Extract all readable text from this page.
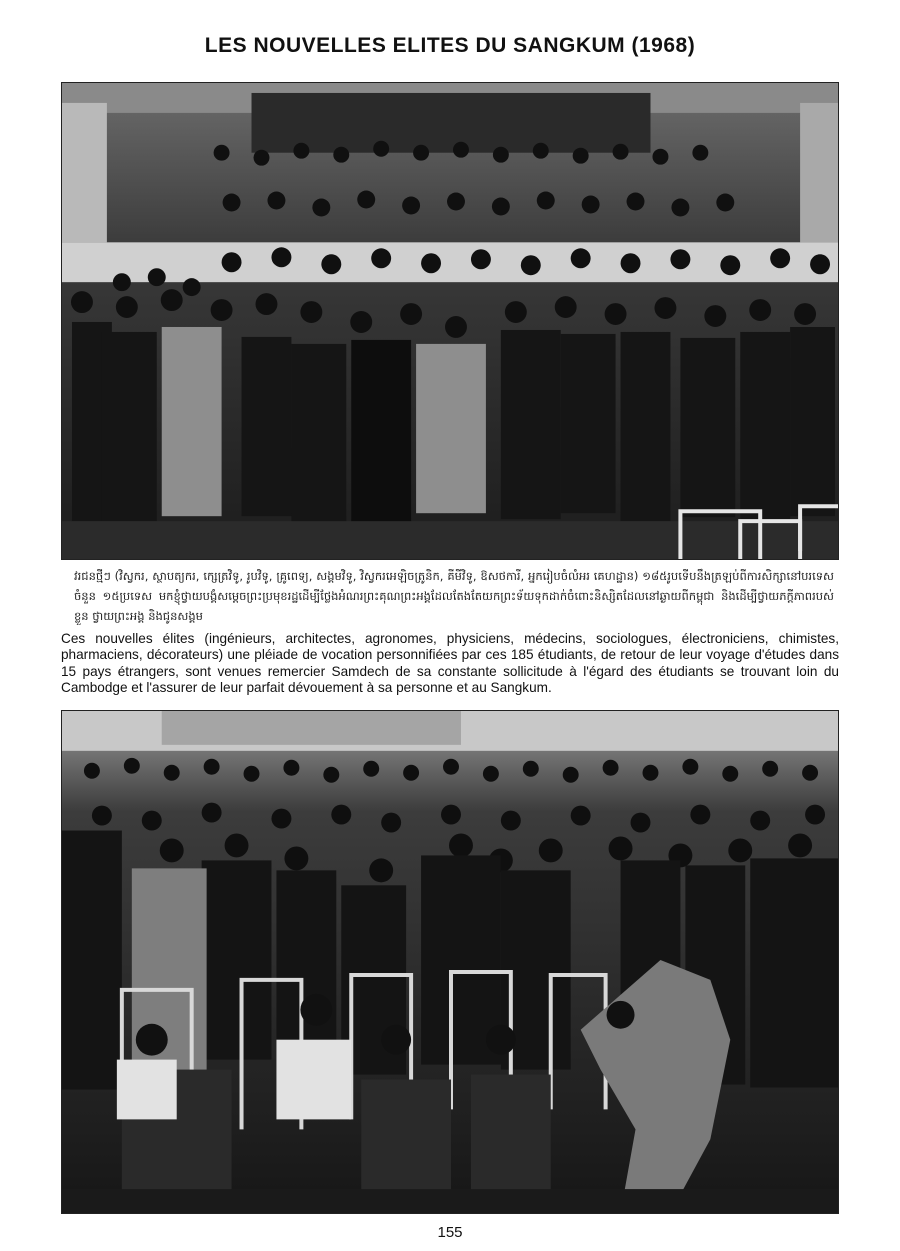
LES NOUVELLES ELITES DU SANGKUM (1968)
វរជនថ្មីៗ (វិស្វករ, ស្ថាបត្យករ, ក្សេត្រវិទូ, រូបវិទូ, គ្រូពេទ្យ, សង្គមវិទូ, វិស្វករអេឡិចត្រូនិក, គីមីវិទូ, ឱសថការី, អ្នករៀបចំលំអរ គេហដ្ឋាន) ១៨៥រូបទើបនឹងត្រឡប់ពីការសិក្សានៅបរទេសចំនួន ១៥ប្រទេស មកខ្ញុំថ្វាយបង្គំសម្ដេចព្រះប្រមុខរដ្ឋដើម្បីថ្លែងអំណរព្រះគុណព្រះអង្គដែលតែងតែយកព្រះទ័យទុកដាក់ចំពោះនិស្សិតដែលនៅឆ្ងាយពីកម្ពុជា និងដើម្បីថ្វាយភក្ដីភាពរបស់ខ្លួន ថ្វាយព្រះអង្គ និងជូនសង្គម
Ces nouvelles élites (ingénieurs, architectes, agronomes, physiciens, médecins, sociologues, électroniciens, chimistes, pharmaciens, décorateurs) une pléiade de vocation personnifiées par ces 185 étudiants, de retour de leur voyage d'études dans 15 pays étrangers, sont venues remercier Samdech de sa constante sollicitude à l'égard des étudiants se trouvant loin du Cambodge et l'assurer de leur parfait dévouement à sa personne et au Sangkum.
155
